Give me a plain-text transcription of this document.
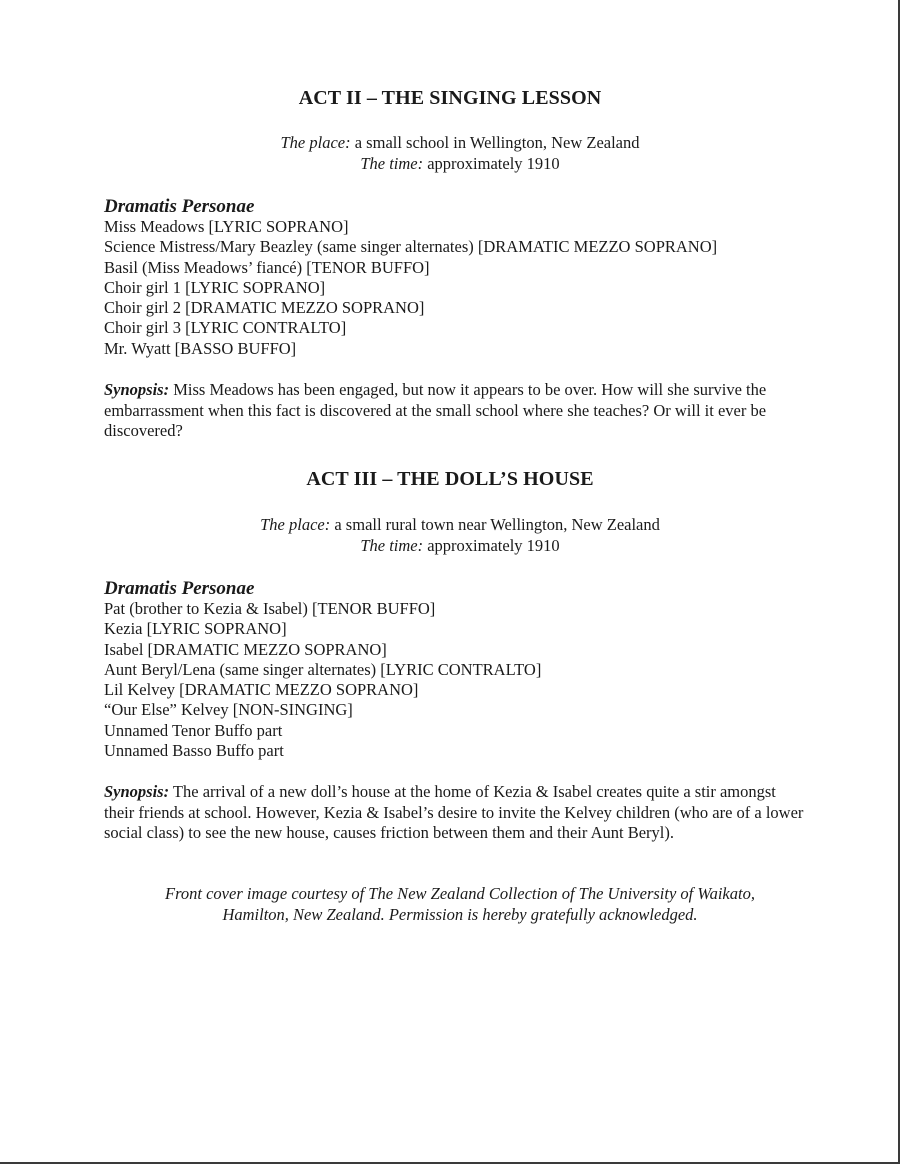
ACT II – THE SINGING LESSON
The place: a small school in Wellington, New Zealand
The time: approximately 1910
Dramatis Personae
Miss Meadows [LYRIC SOPRANO]
Science Mistress/Mary Beazley (same singer alternates) [DRAMATIC MEZZO SOPRANO]
Basil (Miss Meadows’ fiancé) [TENOR BUFFO]
Choir girl 1 [LYRIC SOPRANO]
Choir girl 2 [DRAMATIC MEZZO SOPRANO]
Choir girl 3 [LYRIC CONTRALTO]
Mr. Wyatt [BASSO BUFFO]

Synopsis: Miss Meadows has been engaged, but now it appears to be over. How will she survive the embarrassment when this fact is discovered at the small school where she teaches? Or will it ever be discovered?

ACT III – THE DOLL’S HOUSE
The place: a small rural town near Wellington, New Zealand
The time: approximately 1910
Dramatis Personae
Pat (brother to Kezia & Isabel) [TENOR BUFFO]
Kezia [LYRIC SOPRANO]
Isabel [DRAMATIC MEZZO SOPRANO]
Aunt Beryl/Lena (same singer alternates) [LYRIC CONTRALTO]
Lil Kelvey [DRAMATIC MEZZO SOPRANO]
“Our Else” Kelvey [NON-SINGING]
Unnamed Tenor Buffo part
Unnamed Basso Buffo part

Synopsis: The arrival of a new doll’s house at the home of Kezia & Isabel creates quite a stir amongst their friends at school. However, Kezia & Isabel’s desire to invite the Kelvey children (who are of a lower social class) to see the new house, causes friction between them and their Aunt Beryl).

Front cover image courtesy of The New Zealand Collection of The University of Waikato,
Hamilton, New Zealand. Permission is hereby gratefully acknowledged.
